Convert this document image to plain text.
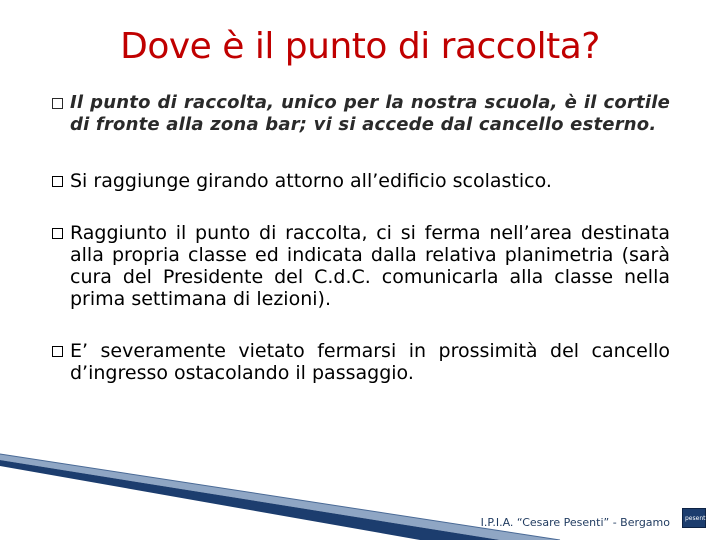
Dove è il punto di raccolta?
Il punto di raccolta, unico per la nostra scuola, è il cortile di fronte alla zona bar; vi si accede dal cancello esterno.
Si raggiunge girando attorno all’edificio scolastico.
Raggiunto il punto di raccolta, ci si ferma nell’area destinata alla propria classe ed indicata dalla relativa planimetria (sarà cura del Presidente del C.d.C. comunicarla alla classe nella prima settimana di lezioni).
E’ severamente vietato fermarsi in prossimità del cancello d’ingresso ostacolando il passaggio.
I.P.I.A. “Cesare Pesenti” - Bergamo	pesenti
